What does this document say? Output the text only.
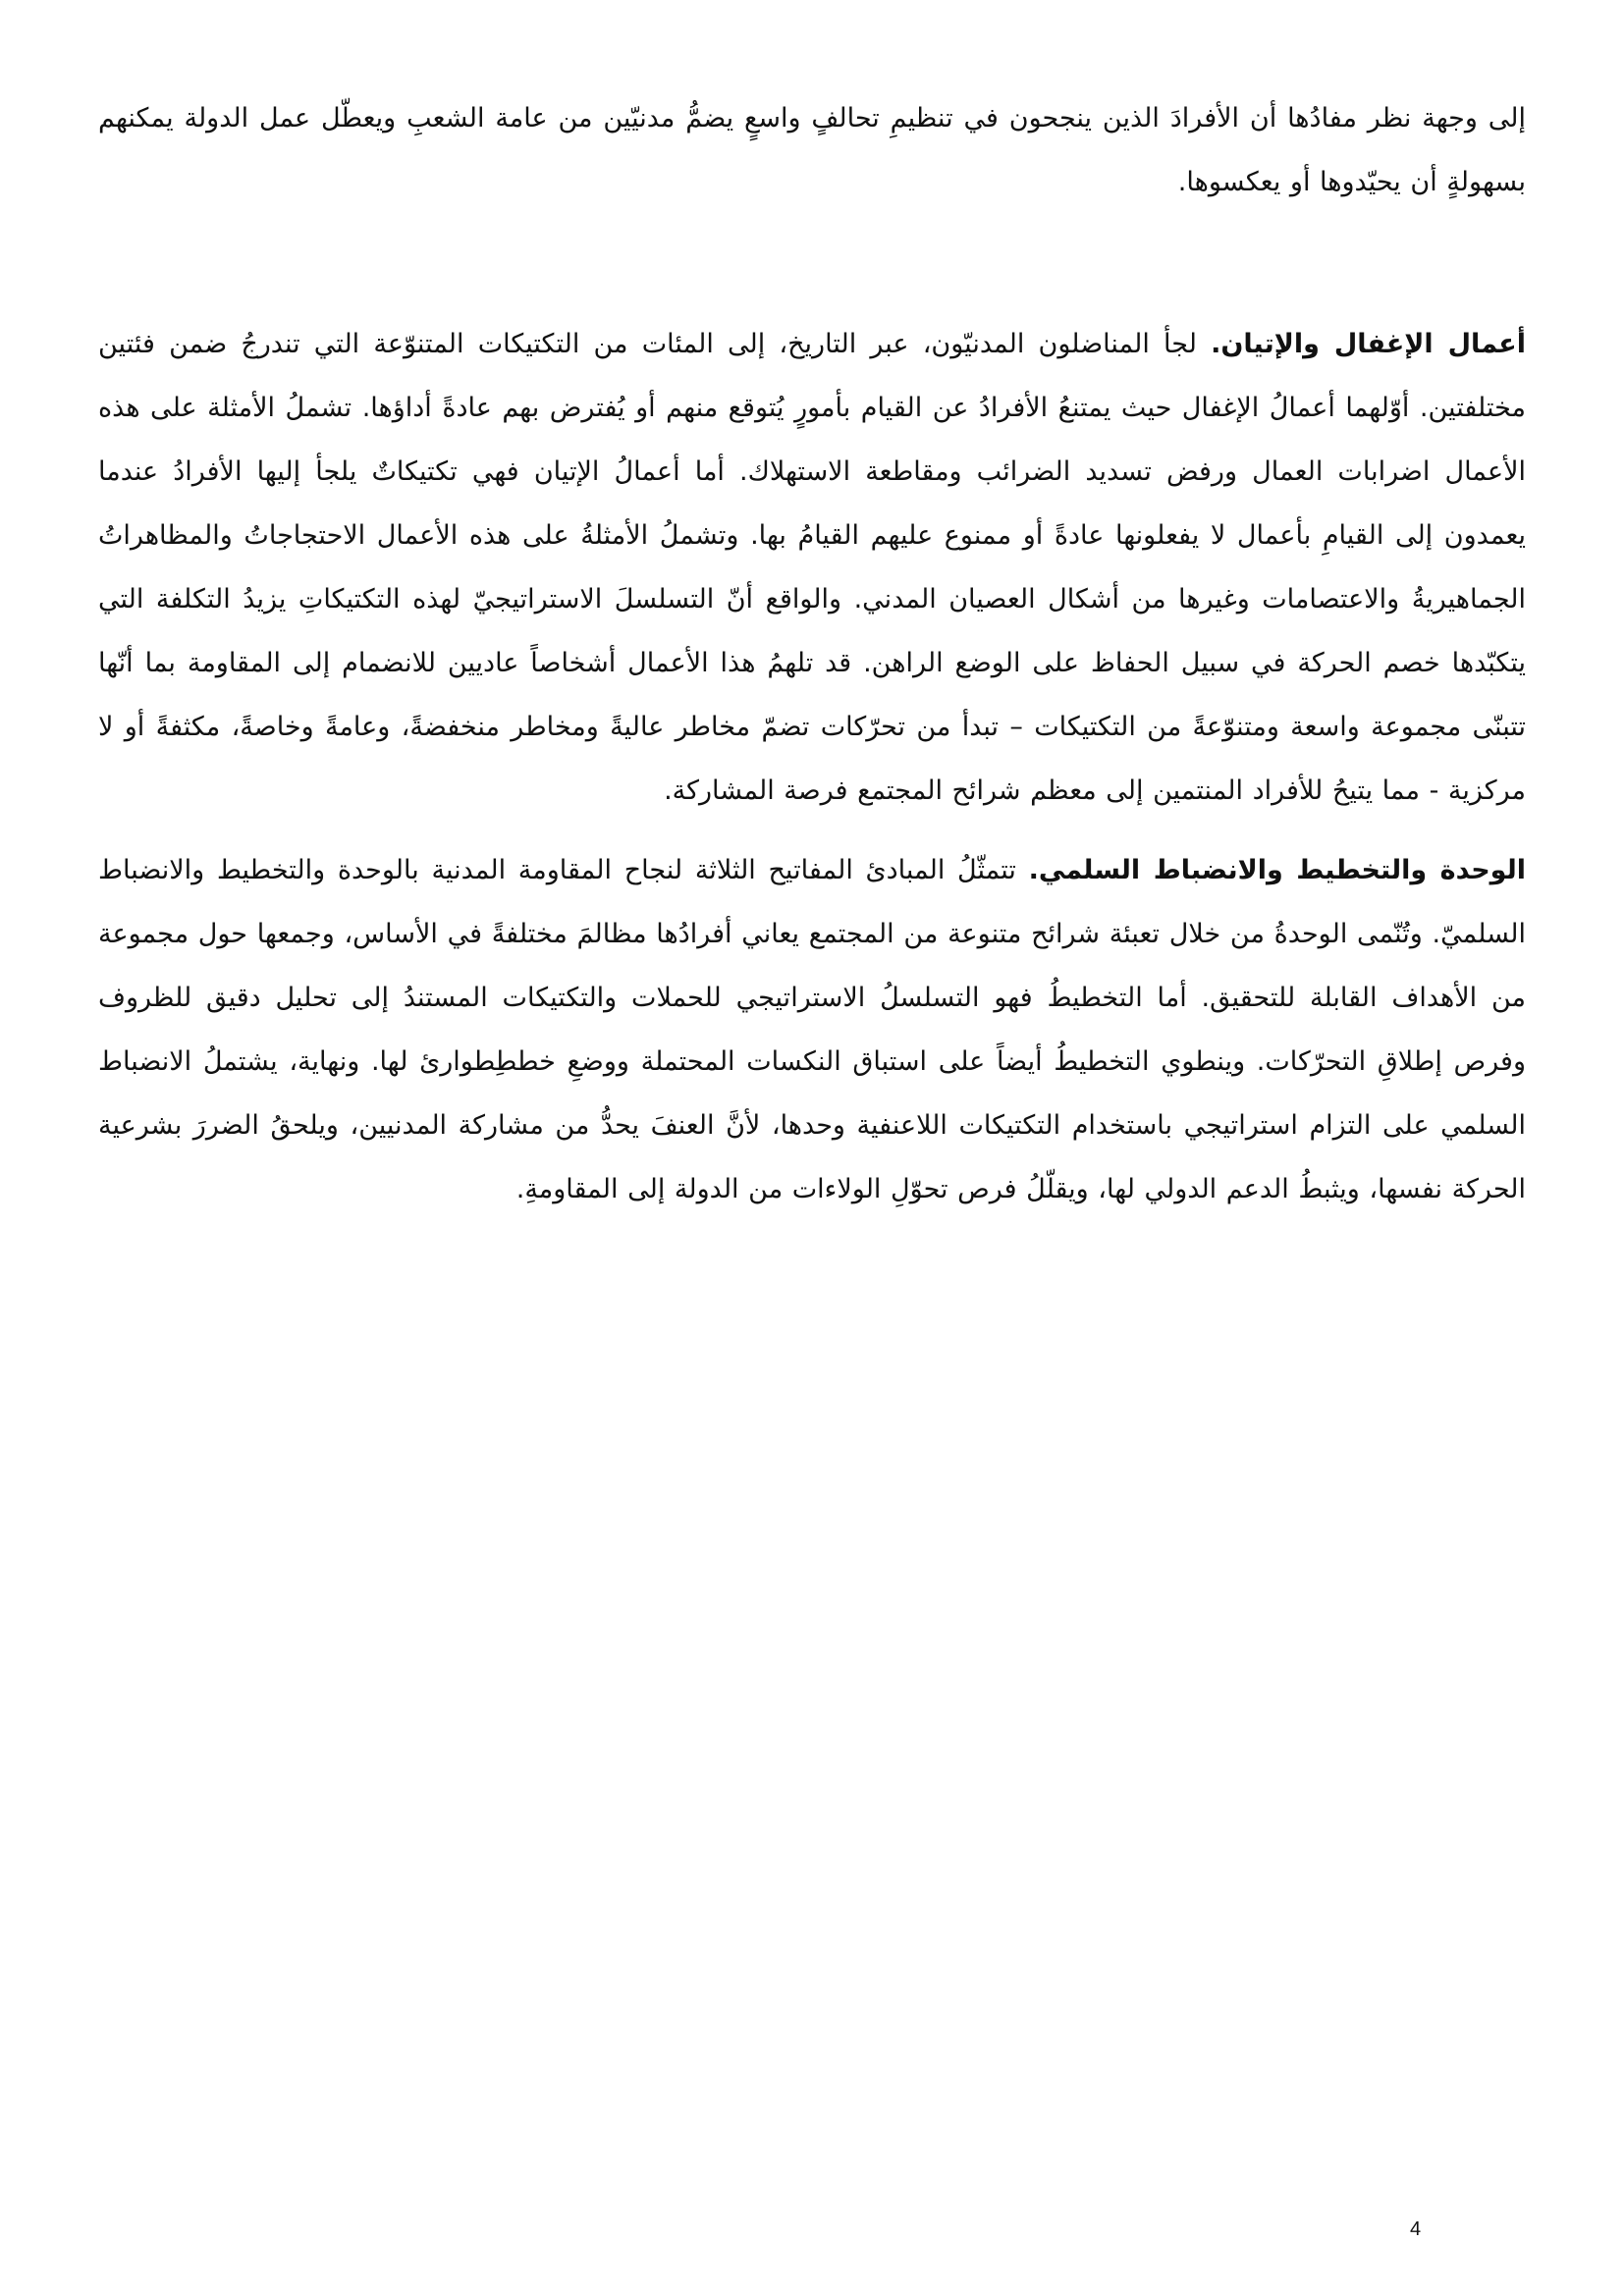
إلى وجهة نظر مفادُها أن الأفرادَ الذين ينجحون في تنظيمِ تحالفٍ واسعٍ يضمُّ مدنيّين من عامة الشعبِ ويعطّل عمل الدولة يمكنهم بسهولةٍ أن يحيّدوها أو يعكسوها.

أعمال الإغفال والإتيان. لجأ المناضلون المدنيّون، عبر التاريخ، إلى المئات من التكتيكات المتنوّعة التي تندرجُ ضمن فئتين مختلفتين. أوّلهما أعمالُ الإغفال حيث يمتنعُ الأفرادُ عن القيام بأمورٍ يُتوقع منهم أو يُفترض بهم عادةً أداؤها. تشملُ الأمثلة على هذه الأعمال اضرابات العمال ورفض تسديد الضرائب ومقاطعة الاستهلاك. أما أعمالُ الإتيان فهي تكتيكاتٌ يلجأ إليها الأفرادُ عندما يعمدون إلى القيامِ بأعمال لا يفعلونها عادةً أو ممنوع عليهم القيامُ بها. وتشملُ الأمثلةُ على هذه الأعمال الاحتجاجاتُ والمظاهراتُ الجماهيريةُ والاعتصامات وغيرها من أشكال العصيان المدني. والواقع أنّ التسلسلَ الاستراتيجيّ لهذه التكتيكاتِ يزيدُ التكلفة التي يتكبّدها خصم الحركة في سبيل الحفاظ على الوضع الراهن. قد تلهمُ هذا الأعمال أشخاصاً عاديين للانضمام إلى المقاومة بما أنّها تتبنّى مجموعة واسعة ومتنوّعةً من التكتيكات – تبدأ من تحرّكات تضمّ مخاطر عاليةً ومخاطر منخفضةً، وعامةً وخاصةً، مكثفةً أو لا مركزية - مما يتيحُ للأفراد المنتمين إلى معظم شرائح المجتمع فرصة المشاركة.

الوحدة والتخطيط والانضباط السلمي. تتمثّلُ المبادئ المفاتيح الثلاثة لنجاح المقاومة المدنية بالوحدة والتخطيط والانضباط السلميّ. وتُنّمى الوحدةُ من خلال تعبئة شرائح متنوعة من المجتمع يعاني أفرادُها مظالمَ مختلفةً في الأساس، وجمعها حول مجموعة من الأهداف القابلة للتحقيق. أما التخطيطُ فهو التسلسلُ الاستراتيجي للحملات والتكتيكات المستندُ إلى تحليل دقيق للظروف وفرص إطلاقِ التحرّكات. وينطوي التخطيطُ أيضاً على استباق النكسات المحتملة ووضعِ خططِطوارئ لها. ونهاية، يشتملُ الانضباط السلمي على التزام استراتيجي باستخدام التكتيكات اللاعنفية وحدها، لأنَّ العنفَ يحدُّ من مشاركة المدنيين، ويلحقُ الضررَ بشرعية الحركة نفسها، ويثبطُ الدعم الدولي لها، ويقلّلُ فرص تحوّلِ الولاءات من الدولة إلى المقاومةِ.

4
